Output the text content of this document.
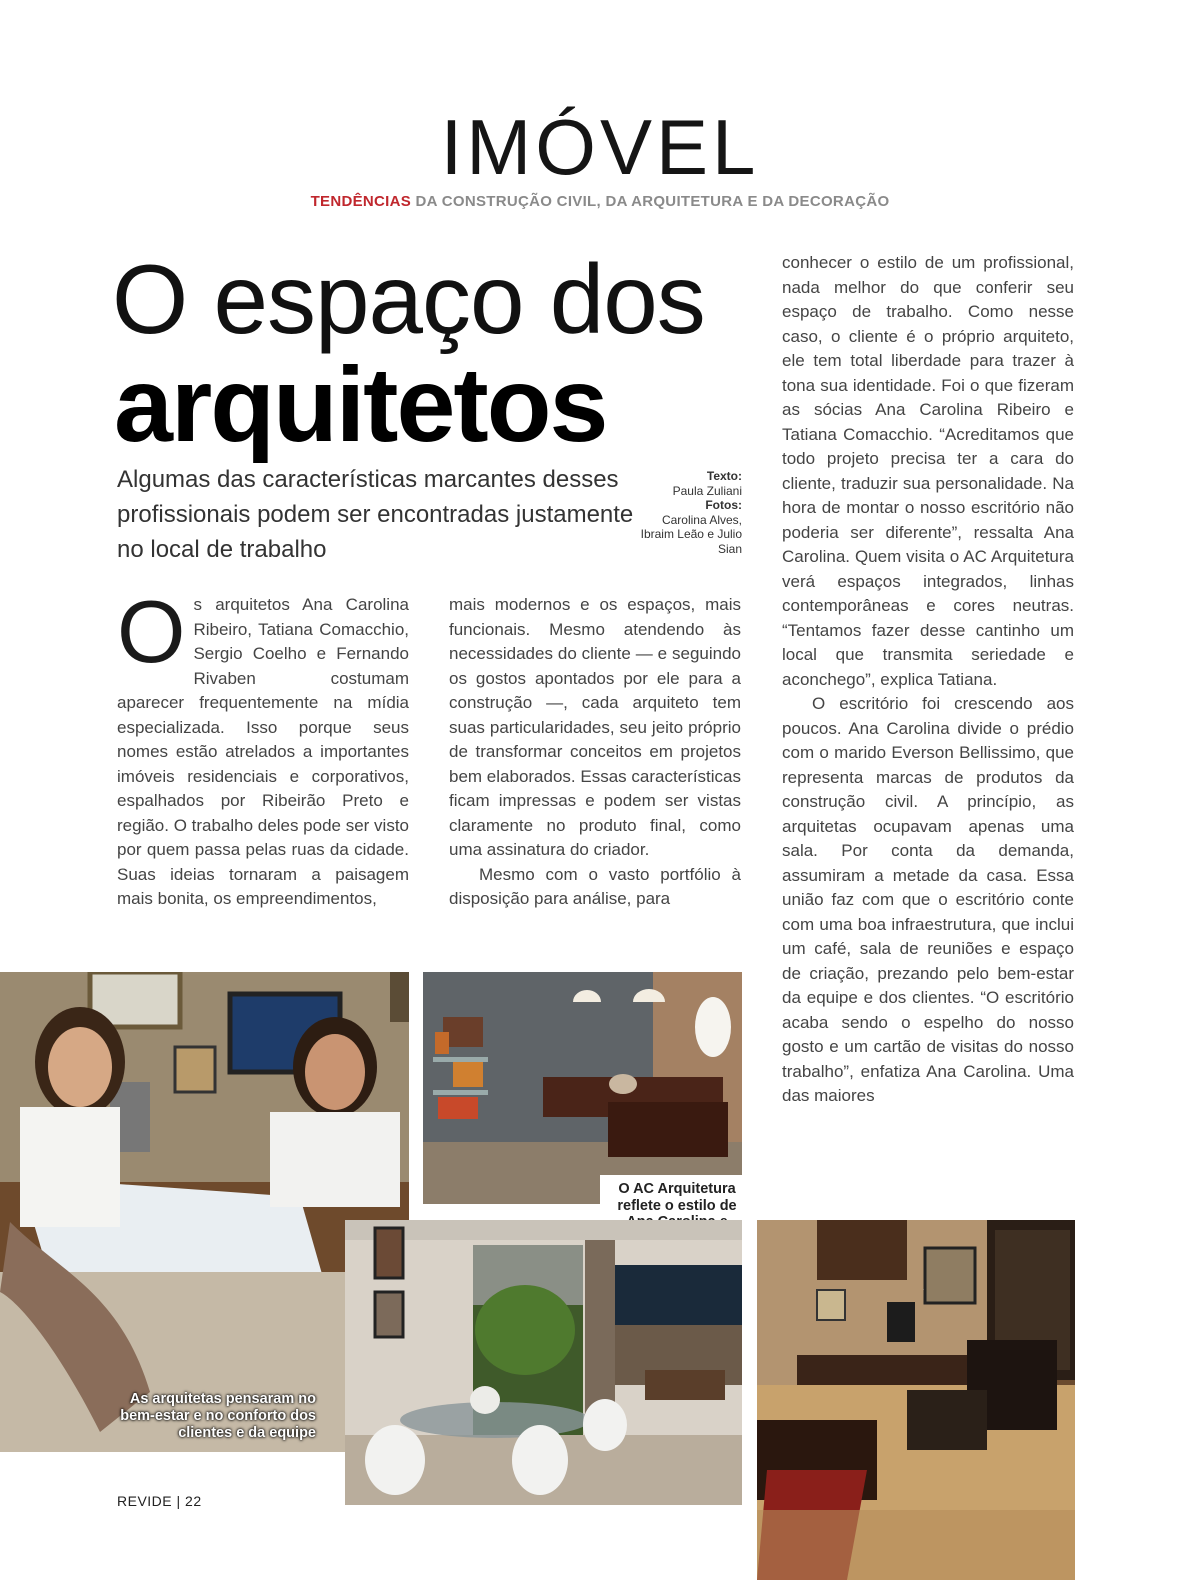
IMÓVEL
TENDÊNCIAS DA CONSTRUÇÃO CIVIL, DA ARQUITETURA E DA DECORAÇÃO
O espaço dos
arquitetos
Algumas das características marcantes desses profissionais podem ser encontradas justamente no local de trabalho
Texto:
Paula Zuliani
Fotos:
Carolina Alves, Ibraim Leão e Julio Sian

Os arquitetos Ana Carolina Ribeiro, Tatiana Comacchio, Sergio Coelho e Fernando Rivaben costumam aparecer frequentemente na mídia especializada. Isso porque seus nomes estão atrelados a importantes imóveis residenciais e corporativos, espalhados por Ribeirão Preto e região. O trabalho deles pode ser visto por quem passa pelas ruas da cidade. Suas ideias tornaram a paisagem mais bonita, os empreendimentos,

mais modernos e os espaços, mais funcionais. Mesmo atendendo às necessidades do cliente — e seguindo os gostos apontados por ele para a construção —, cada arquiteto tem suas particularidades, seu jeito próprio de transformar conceitos em projetos bem elaborados. Essas características ficam impressas e podem ser vistas claramente no produto final, como uma assinatura do criador.

Mesmo com o vasto portfólio à disposição para análise, para

conhecer o estilo de um profissional, nada melhor do que conferir seu espaço de trabalho. Como nesse caso, o cliente é o próprio arquiteto, ele tem total liberdade para trazer à tona sua identidade. Foi o que fizeram as sócias Ana Carolina Ribeiro e Tatiana Comacchio. “Acreditamos que todo projeto precisa ter a cara do cliente, traduzir sua personalidade. Na hora de montar o nosso escritório não poderia ser diferente”, ressalta Ana Carolina. Quem visita o AC Arquitetura verá espaços integrados, linhas contemporâneas e cores neutras. “Tentamos fazer desse cantinho um local que transmita seriedade e aconchego”, explica Tatiana.

O escritório foi crescendo aos poucos. Ana Carolina divide o prédio com o marido Everson Bellissimo, que representa marcas de produtos da construção civil. A princípio, as arquitetas ocupavam apenas uma sala. Por conta da demanda, assumiram a metade da casa. Essa união faz com que o escritório conte com uma boa infraestrutura, que inclui um café, sala de reuniões e espaço de criação, prezando pelo bem-estar da equipe e dos clientes. “O escritório acaba sendo o espelho do nosso gosto e um cartão de visitas do nosso trabalho”, enfatiza Ana Carolina. Uma das maiores

As arquitetas pensaram no bem-estar e no conforto dos clientes e da equipe
O AC Arquitetura reflete o estilo de
REVIDE | 22
